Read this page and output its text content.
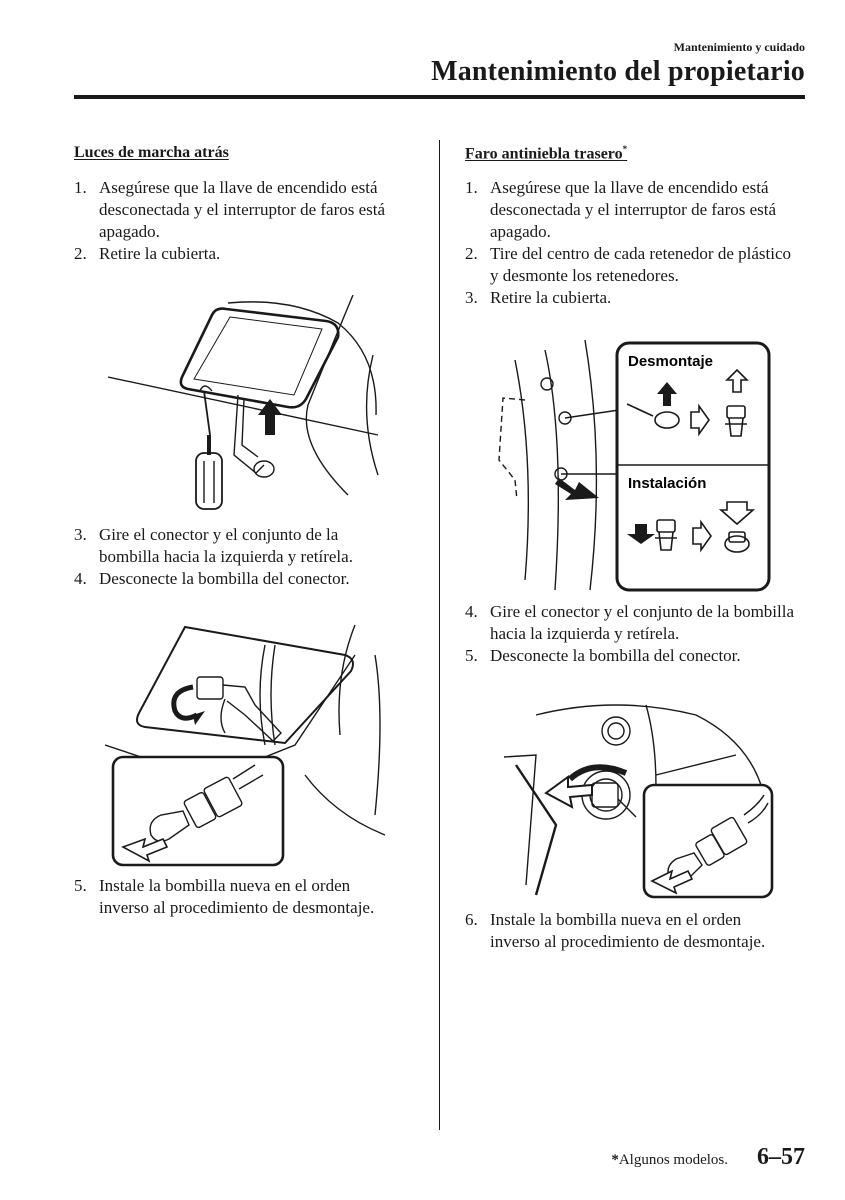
Mantenimiento y cuidado
Mantenimiento del propietario
Luces de marcha atrás
1. Asegúrese que la llave de encendido está desconectada y el interruptor de faros está apagado.
2. Retire la cubierta.
3. Gire el conector y el conjunto de la bombilla hacia la izquierda y retírela.
4. Desconecte la bombilla del conector.
5. Instale la bombilla nueva en el orden inverso al procedimiento de desmontaje.
Faro antiniebla trasero*
1. Asegúrese que la llave de encendido está desconectada y el interruptor de faros está apagado.
2. Tire del centro de cada retenedor de plástico y desmonte los retenedores.
3. Retire la cubierta.
Desmontaje
Instalación
4. Gire el conector y el conjunto de la bombilla hacia la izquierda y retírela.
5. Desconecte la bombilla del conector.
6. Instale la bombilla nueva en el orden inverso al procedimiento de desmontaje.
*Algunos modelos. 6–57
